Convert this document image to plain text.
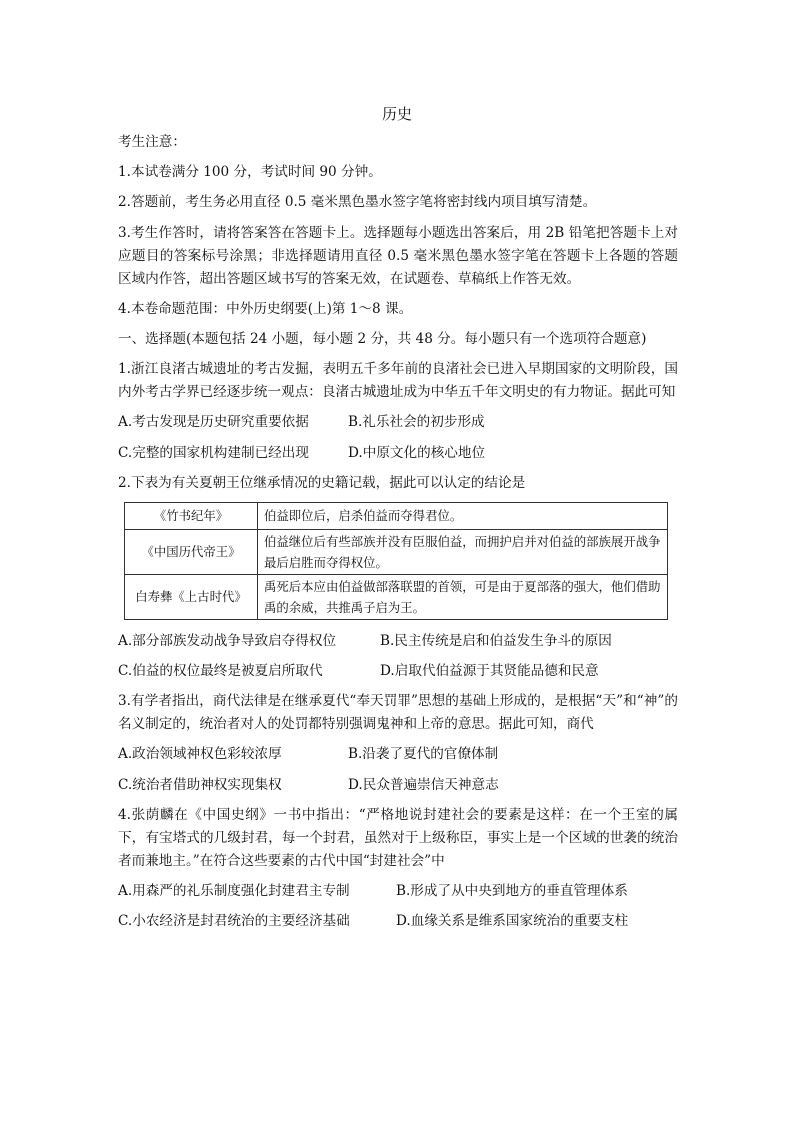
历史

考生注意：

1.本试卷满分 100 分，考试时间 90 分钟。

2.答题前，考生务必用直径 0.5 毫米黑色墨水签字笔将密封线内项目填写清楚。

3.考生作答时，请将答案答在答题卡上。选择题每小题选出答案后，用 2B 铅笔把答题卡上对应题目的答案标号涂黑；非选择题请用直径 0.5 毫米黑色墨水签字笔在答题卡上各题的答题区域内作答，超出答题区域书写的答案无效，在试题卷、草稿纸上作答无效。

4.本卷命题范围：中外历史纲要(上)第 1～8 课。

一、选择题(本题包括 24 小题，每小题 2 分，共 48 分。每小题只有一个选项符合题意)

1.浙江良渚古城遗址的考古发掘，表明五千多年前的良渚社会已进入早期国家的文明阶段，国内外考古学界已经逐步统一观点：良渚古城遗址成为中华五千年文明史的有力物证。据此可知

A.考古发现是历史研究重要依据	B.礼乐社会的初步形成
C.完整的国家机构建制已经出现	D.中原文化的核心地位

2.下表为有关夏朝王位继承情况的史籍记载，据此可以认定的结论是

《竹书纪年》	伯益即位后，启杀伯益而夺得君位。
《中国历代帝王》	伯益继位后有些部族并没有臣服伯益，而拥护启并对伯益的部族展开战争最后启胜而夺得权位。
白寿彝《上古时代》	禹死后本应由伯益做部落联盟的首领，可是由于夏部落的强大，他们借助禹的余威，共推禹子启为王。
A.部分部族发动战争导致启夺得权位	B.民主传统是启和伯益发生争斗的原因
C.伯益的权位最终是被夏启所取代	D.启取代伯益源于其贤能品德和民意

3.有学者指出，商代法律是在继承夏代“奉天罚罪”思想的基础上形成的，是根据“天”和“神”的名义制定的，统治者对人的处罚都特别强调鬼神和上帝的意思。据此可知，商代

A.政治领域神权色彩较浓厚	B.沿袭了夏代的官僚体制
C.统治者借助神权实现集权	D.民众普遍崇信天神意志

4.张荫麟在《中国史纲》一书中指出：“严格地说封建社会的要素是这样：在一个王室的属下，有宝塔式的几级封君，每一个封君，虽然对于上级称臣，事实上是一个区域的世袭的统治者而兼地主。”在符合这些要素的古代中国“封建社会”中

A.用森严的礼乐制度强化封建君主专制	B.形成了从中央到地方的垂直管理体系
C.小农经济是封君统治的主要经济基础	D.血缘关系是维系国家统治的重要支柱
